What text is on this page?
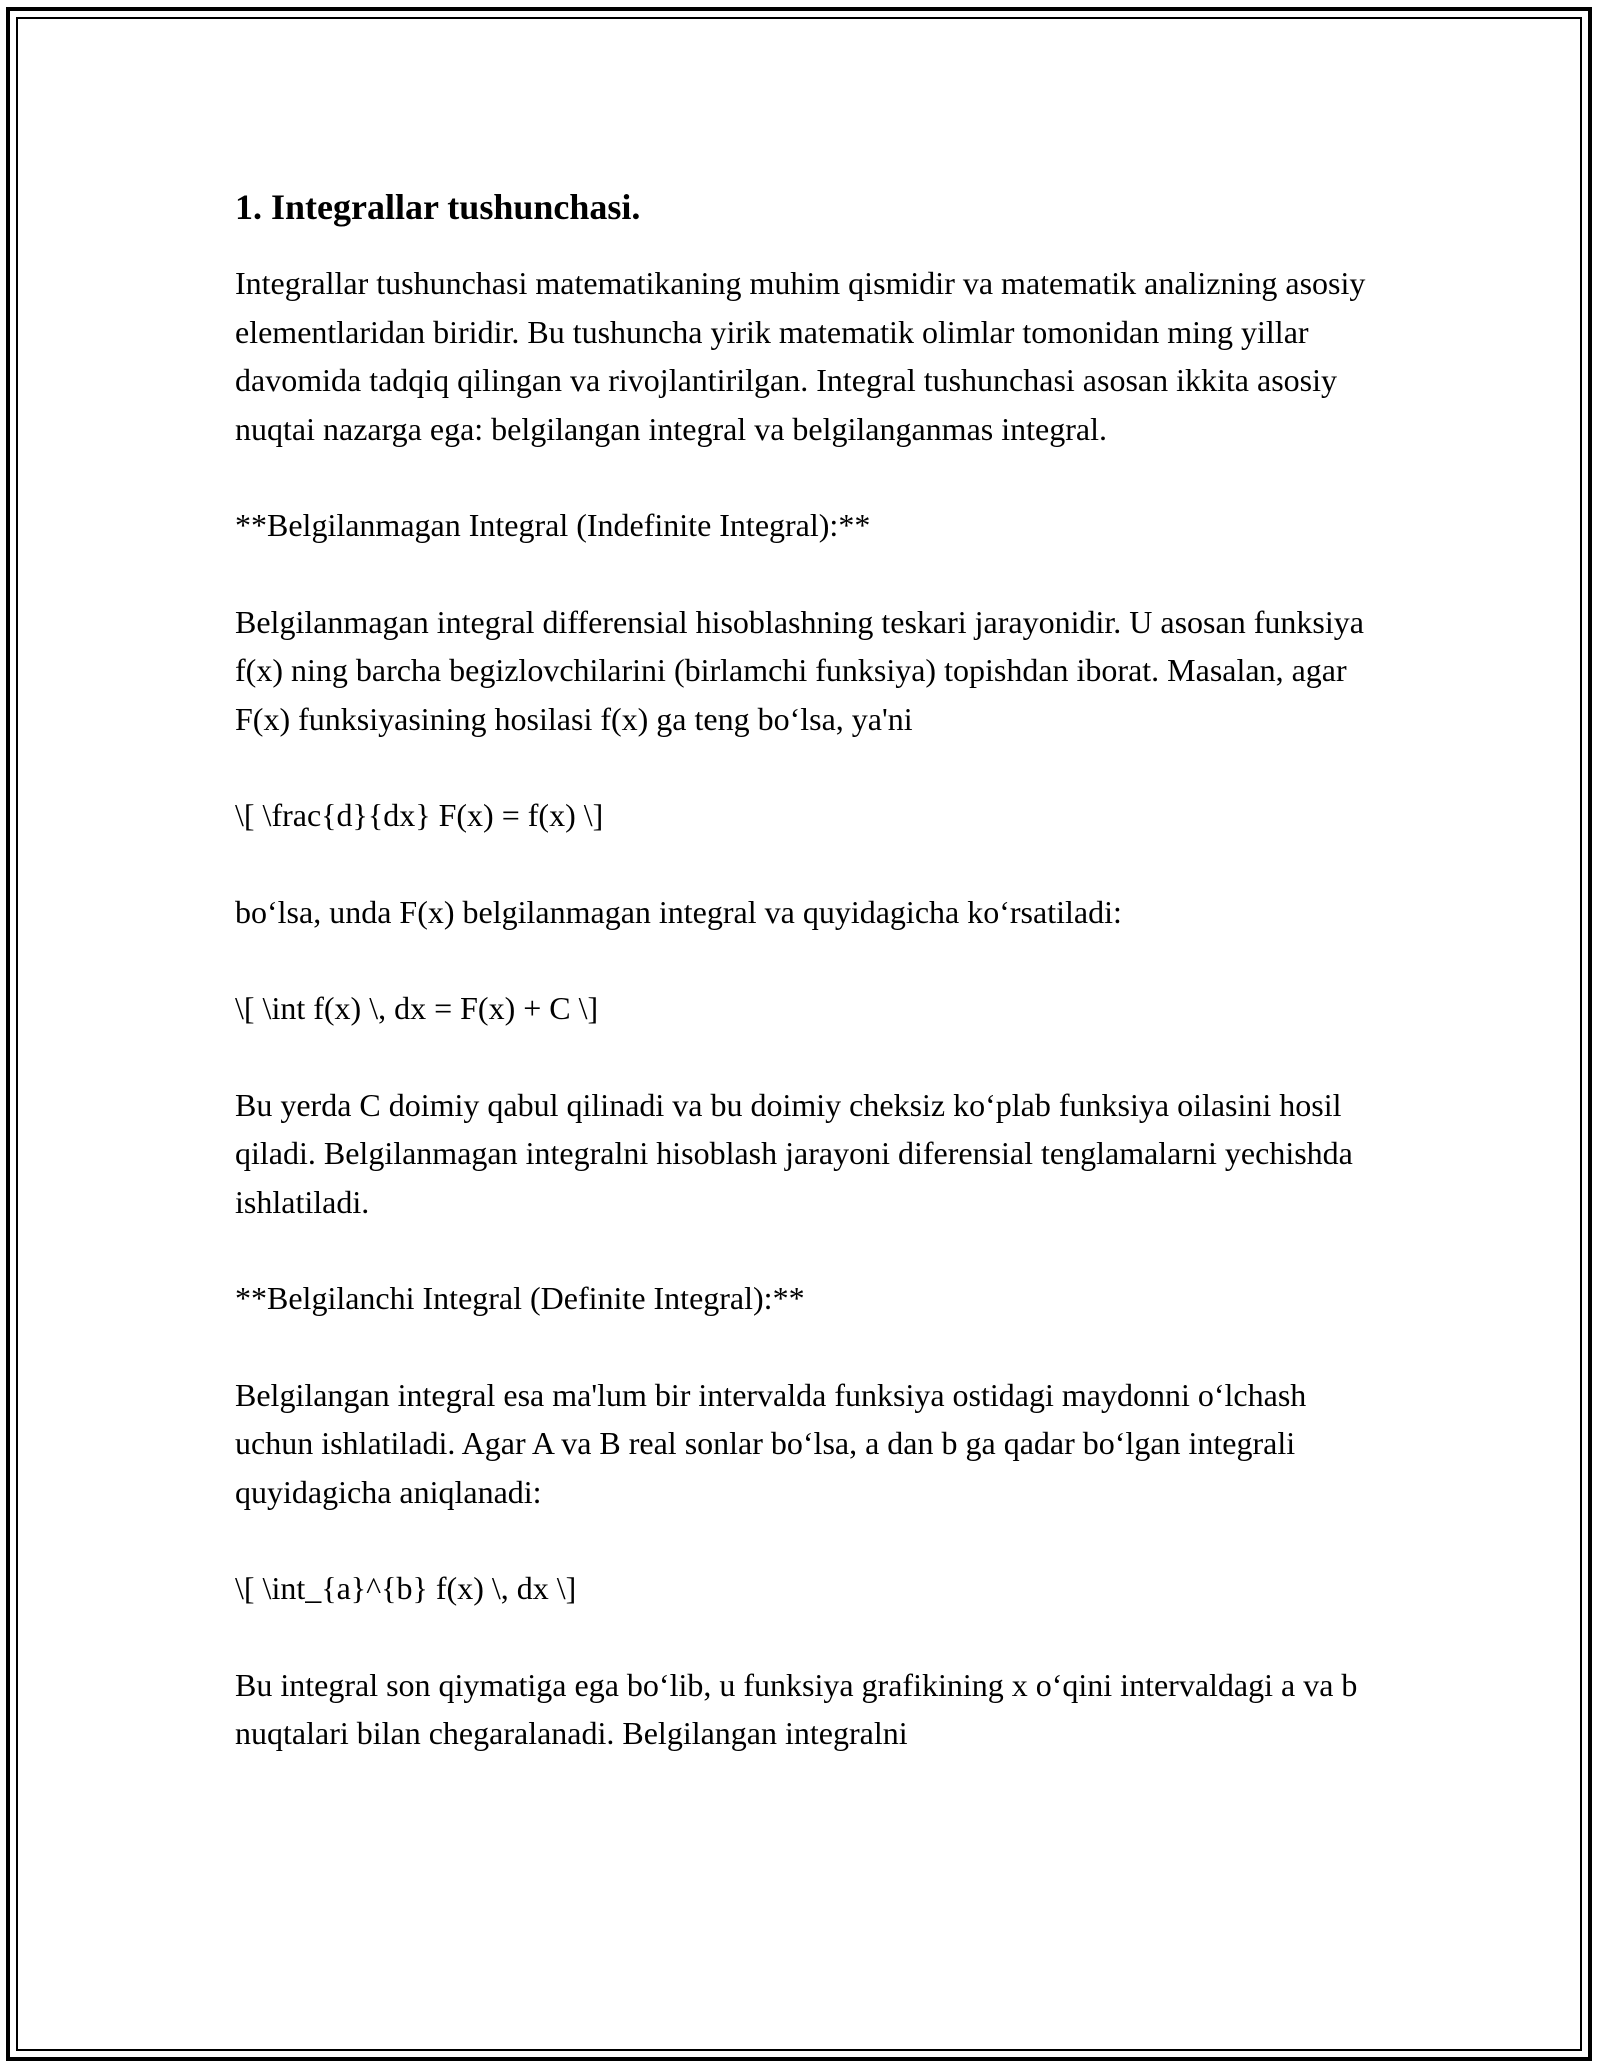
1. Integrallar tushunchasi.

Integrallar tushunchasi matematikaning muhim qismidir va matematik analizning asosiy elementlaridan biridir. Bu tushuncha yirik matematik olimlar tomonidan ming yillar davomida tadqiq qilingan va rivojlantirilgan. Integral tushunchasi asosan ikkita asosiy nuqtai nazarga ega: belgilangan integral va belgilanganmas integral.

**Belgilanmagan Integral (Indefinite Integral):**

Belgilanmagan integral differensial hisoblashning teskari jarayonidir. U asosan funksiya f(x) ning barcha begizlovchilarini (birlamchi funksiya) topishdan iborat. Masalan, agar F(x) funksiyasining hosilasi f(x) ga teng bo‘lsa, ya'ni

\[ \frac{d}{dx} F(x) = f(x) \]

bo‘lsa, unda F(x) belgilanmagan integral va quyidagicha ko‘rsatiladi:

\[ \int f(x) \, dx = F(x) + C \]

Bu yerda C doimiy qabul qilinadi va bu doimiy cheksiz ko‘plab funksiya oilasini hosil qiladi. Belgilanmagan integralni hisoblash jarayoni diferensial tenglamalarni yechishda ishlatiladi.

**Belgilanchi Integral (Definite Integral):**

Belgilangan integral esa ma'lum bir intervalda funksiya ostidagi maydonni o‘lchash uchun ishlatiladi. Agar A va B real sonlar bo‘lsa, a dan b ga qadar bo‘lgan integrali quyidagicha aniqlanadi:

\[ \int_{a}^{b} f(x) \, dx \]

Bu integral son qiymatiga ega bo‘lib, u funksiya grafikining x o‘qini intervaldagi a va b nuqtalari bilan chegaralanadi. Belgilangan integralni
